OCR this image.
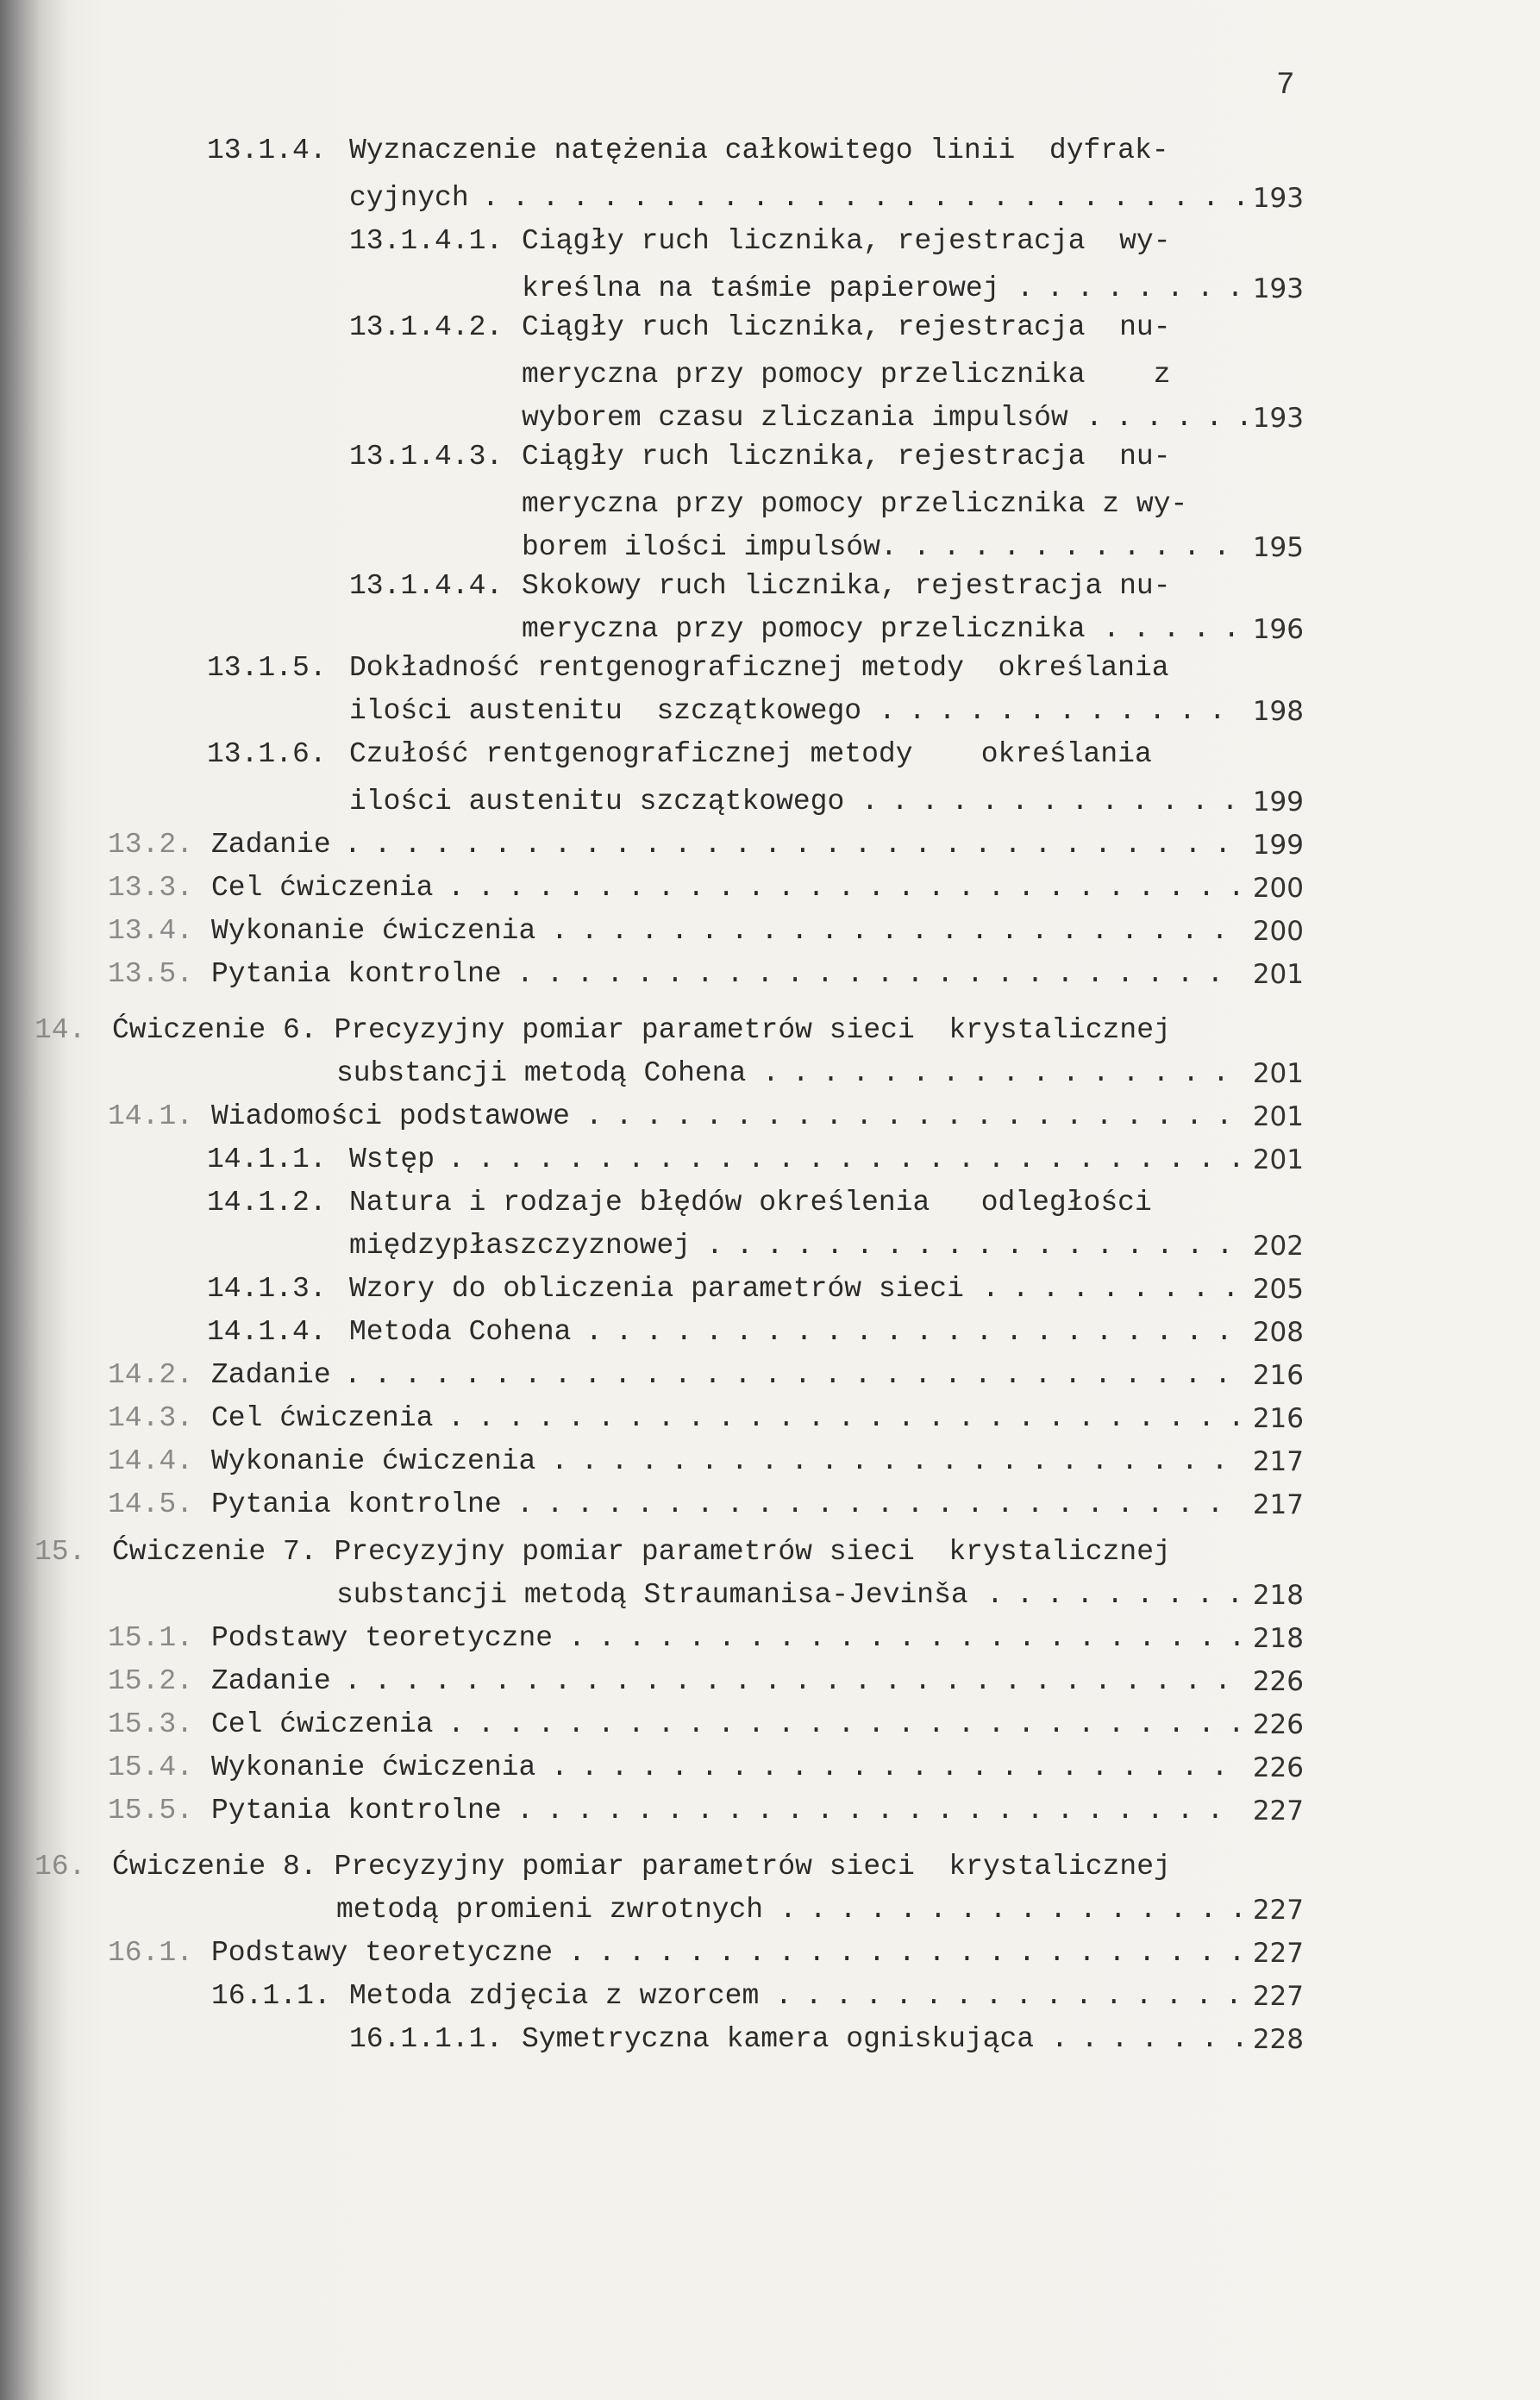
7
13.1.4. Wyznaczenie natężenia całkowitego linii  dyfrak-
cyjnych ..........................
193
13.1.4.1. Ciągły ruch licznika, rejestracja  wy-
kreślna na taśmie papierowej ........
193
13.1.4.2. Ciągły ruch licznika, rejestracja  nu-
meryczna przy pomocy przelicznika    z
wyborem czasu zliczania impulsów ......
193
13.1.4.3. Ciągły ruch licznika, rejestracja  nu-
meryczna przy pomocy przelicznika z wy-
borem ilości impulsów. ........... 195
13.1.4.4. Skokowy ruch licznika, rejestracja nu-
meryczna przy pomocy przelicznika ..... 196
13.1.5. Dokładność rentgenograficznej metody  określania
ilości austenitu  szczątkowego ............ 198
13.1.6. Czułość rentgenograficznej metody    określania
ilości austenitu szczątkowego ............. 199
13.2. Zadanie .............................. 199
13.3. Cel ćwiczenia ...........................
200
13.4. Wykonanie ćwiczenia ....................... 200
13.5. Pytania kontrolne ........................ 201
14. Ćwiczenie 6. Precyzyjny pomiar parametrów sieci  krystalicznej
substancji metodą Cohena ................ 201
14.1. Wiadomości podstawowe ...................... 201
14.1.1. Wstęp ...........................
201
14.1.2. Natura i rodzaje błędów określenia   odległości
międzypłaszczyznowej .................. 202
14.1.3. Wzory do obliczenia parametrów sieci ......... 205
14.1.4. Metoda Cohena ...................... 208
14.2. Zadanie .............................. 216
14.3. Cel ćwiczenia ...........................
216
14.4. Wykonanie ćwiczenia ....................... 217
14.5. Pytania kontrolne ........................ 217
15. Ćwiczenie 7. Precyzyjny pomiar parametrów sieci  krystalicznej
substancji metodą Straumanisa-Jevinša .........
218
15.1. Podstawy teoretyczne .......................
218
15.2. Zadanie .............................. 226
15.3. Cel ćwiczenia ...........................
226
15.4. Wykonanie ćwiczenia ....................... 226
15.5. Pytania kontrolne ........................ 227
16. Ćwiczenie 8. Precyzyjny pomiar parametrów sieci  krystalicznej
metodą promieni zwrotnych ................
227
16.1. Podstawy teoretyczne .......................
227
16.1.1. Metoda zdjęcia z wzorcem ................
227
16.1.1.1. Symetryczna kamera ogniskująca .......
228
